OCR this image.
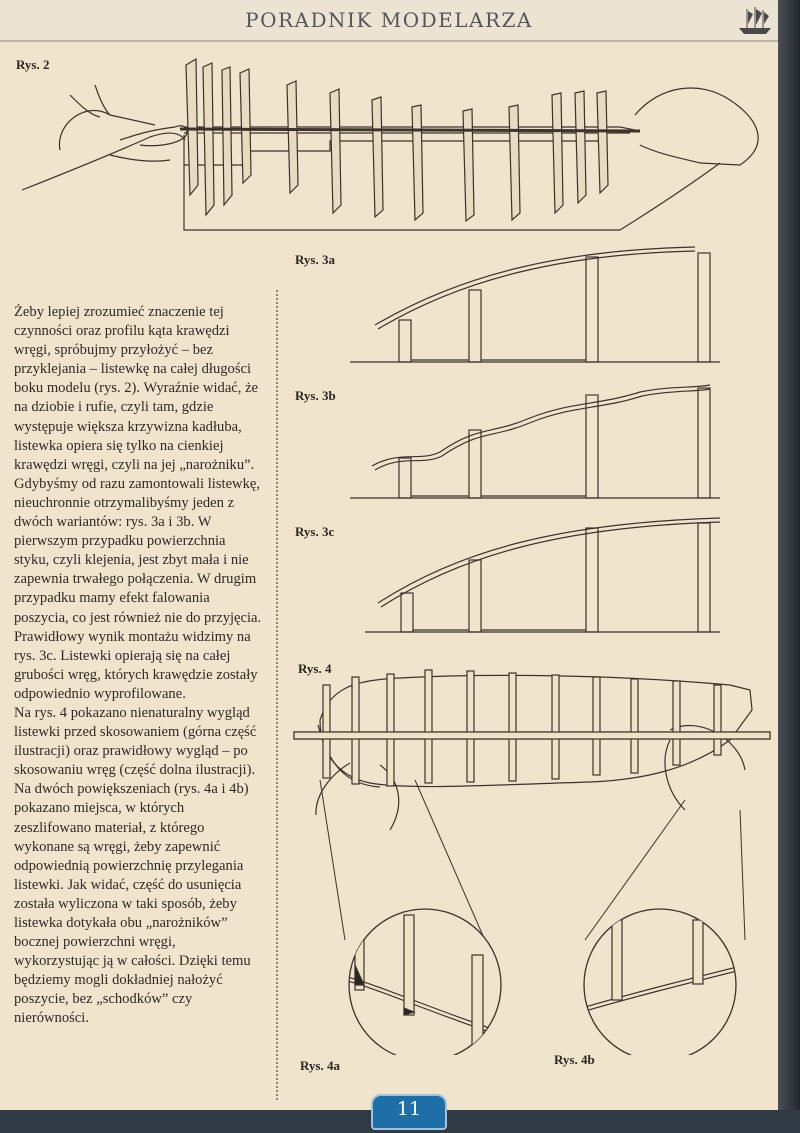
PORADNIK MODELARZA
Rys. 2

Żeby lepiej zrozumieć znaczenie tej czynności oraz profilu kąta krawędzi wręgi, spróbujmy przyłożyć – bez przyklejania – listewkę na całej długości boku modelu (rys. 2). Wyraźnie widać, że na dziobie i rufie, czyli tam, gdzie występuje większa krzywizna kadłuba, listewka opiera się tylko na cienkiej krawędzi wręgi, czyli na jej „narożniku”.

Gdybyśmy od razu zamontowali listewkę, nieuchronnie otrzymalibyśmy jeden z dwóch wariantów: rys. 3a i 3b. W pierwszym przypadku powierzchnia styku, czyli klejenia, jest zbyt mała i nie zapewnia trwałego połączenia. W drugim przypadku mamy efekt falowania poszycia, co jest również nie do przyjęcia. Prawidłowy wynik montażu widzimy na rys. 3c. Listewki opierają się na całej grubości wręg, których krawędzie zostały odpowiednio wyprofilowane.

Na rys. 4 pokazano nienaturalny wygląd listewki przed skosowaniem (górna część ilustracji) oraz prawidłowy wygląd – po skosowaniu wręg (część dolna ilustracji).

Na dwóch powiększeniach (rys. 4a i 4b) pokazano miejsca, w których zeszlifowano materiał, z którego wykonane są wręgi, żeby zapewnić odpowiednią powierzchnię przylegania listewki. Jak widać, część do usunięcia została wyliczona w taki sposób, żeby listewka dotykała obu „narożników” bocznej powierzchni wręgi, wykorzystując ją w całości. Dzięki temu będziemy mogli dokładniej nałożyć poszycie, bez „schodków” czy nierówności.

Rys. 3a
Rys. 3b
Rys. 3c
Rys. 4
Rys. 4a	Rys. 4b
11
